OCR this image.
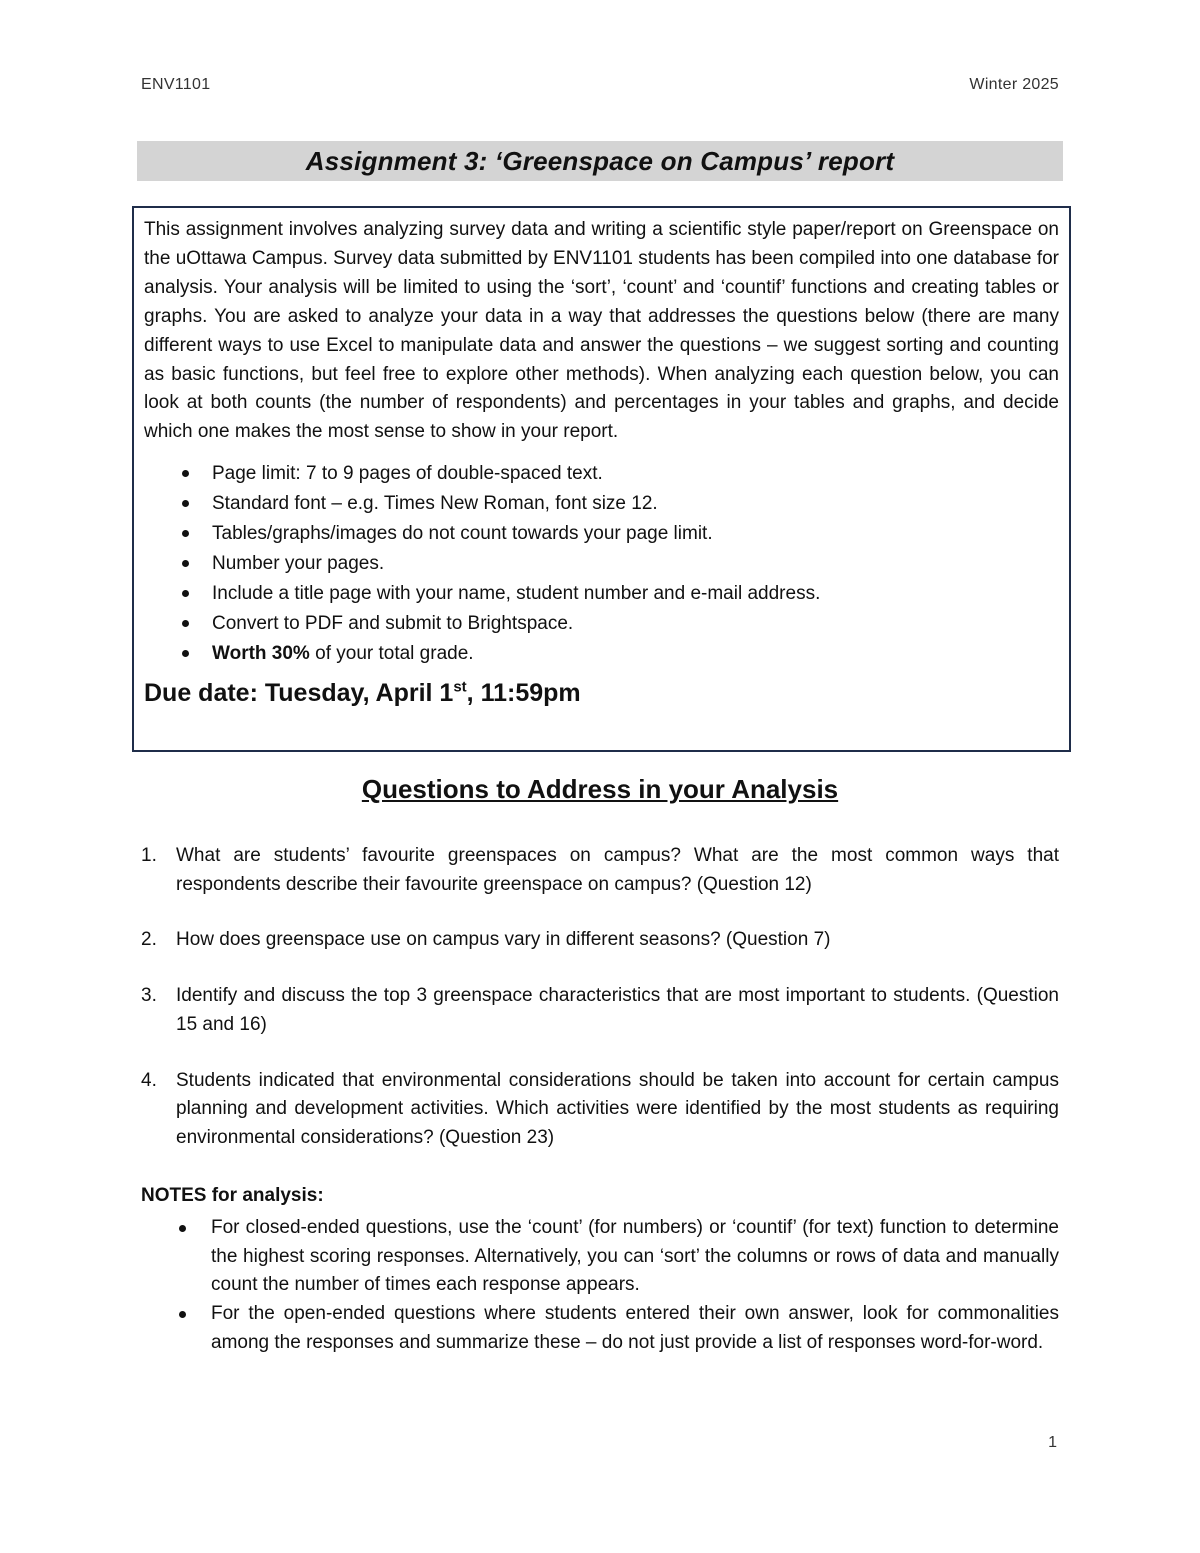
ENV1101	Winter 2025
Assignment 3: ‘Greenspace on Campus’ report

This assignment involves analyzing survey data and writing a scientific style paper/report on Greenspace on the uOttawa Campus. Survey data submitted by ENV1101 students has been compiled into one database for analysis. Your analysis will be limited to using the ‘sort’, ‘count’ and ‘countif’ functions and creating tables or graphs. You are asked to analyze your data in a way that addresses the questions below (there are many different ways to use Excel to manipulate data and answer the questions – we suggest sorting and counting as basic functions, but feel free to explore other methods). When analyzing each question below, you can look at both counts (the number of respondents) and percentages in your tables and graphs, and decide which one makes the most sense to show in your report.

Page limit: 7 to 9 pages of double-spaced text.
Standard font – e.g. Times New Roman, font size 12.
Tables/graphs/images do not count towards your page limit.
Number your pages.
Include a title page with your name, student number and e-mail address.
Convert to PDF and submit to Brightspace.
Worth 30% of your total grade.
Due date: Tuesday, April 1st, 11:59pm
Questions to Address in your Analysis
1. What are students’ favourite greenspaces on campus? What are the most common ways that respondents describe their favourite greenspace on campus? (Question 12)
2. How does greenspace use on campus vary in different seasons? (Question 7)
3. Identify and discuss the top 3 greenspace characteristics that are most important to students. (Question 15 and 16)
4. Students indicated that environmental considerations should be taken into account for certain campus planning and development activities. Which activities were identified by the most students as requiring environmental considerations? (Question 23)
NOTES for analysis:
For closed-ended questions, use the ‘count’ (for numbers) or ‘countif’ (for text) function to determine the highest scoring responses. Alternatively, you can ‘sort’ the columns or rows of data and manually count the number of times each response appears.
For the open-ended questions where students entered their own answer, look for commonalities among the responses and summarize these – do not just provide a list of responses word-for-word.
1
